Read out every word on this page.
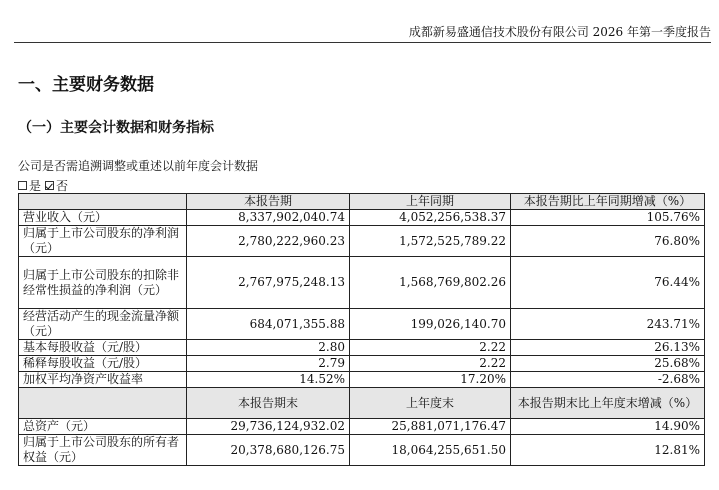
成都新易盛通信技术股份有限公司 2026 年第一季度报告
一、主要财务数据
（一）主要会计数据和财务指标
公司是否需追溯调整或重述以前年度会计数据
是 否
	本报告期	上年同期	本报告期比上年同期增减（%）
营业收入（元）	8,337,902,040.74	4,052,256,538.37	105.76%
归属于上市公司股东的净利润（元）	2,780,222,960.23	1,572,525,789.22	76.80%
归属于上市公司股东的扣除非经常性损益的净利润（元）	2,767,975,248.13	1,568,769,802.26	76.44%
经营活动产生的现金流量净额（元）	684,071,355.88	199,026,140.70	243.71%
基本每股收益（元/股）	2.80	2.22	26.13%
稀释每股收益（元/股）	2.79	2.22	25.68%
加权平均净资产收益率	14.52%	17.20%	-2.68%
	本报告期末	上年度末	本报告期末比上年度末增减（%）
总资产（元）	29,736,124,932.02	25,881,071,176.47	14.90%
归属于上市公司股东的所有者权益（元）	20,378,680,126.75	18,064,255,651.50	12.81%
